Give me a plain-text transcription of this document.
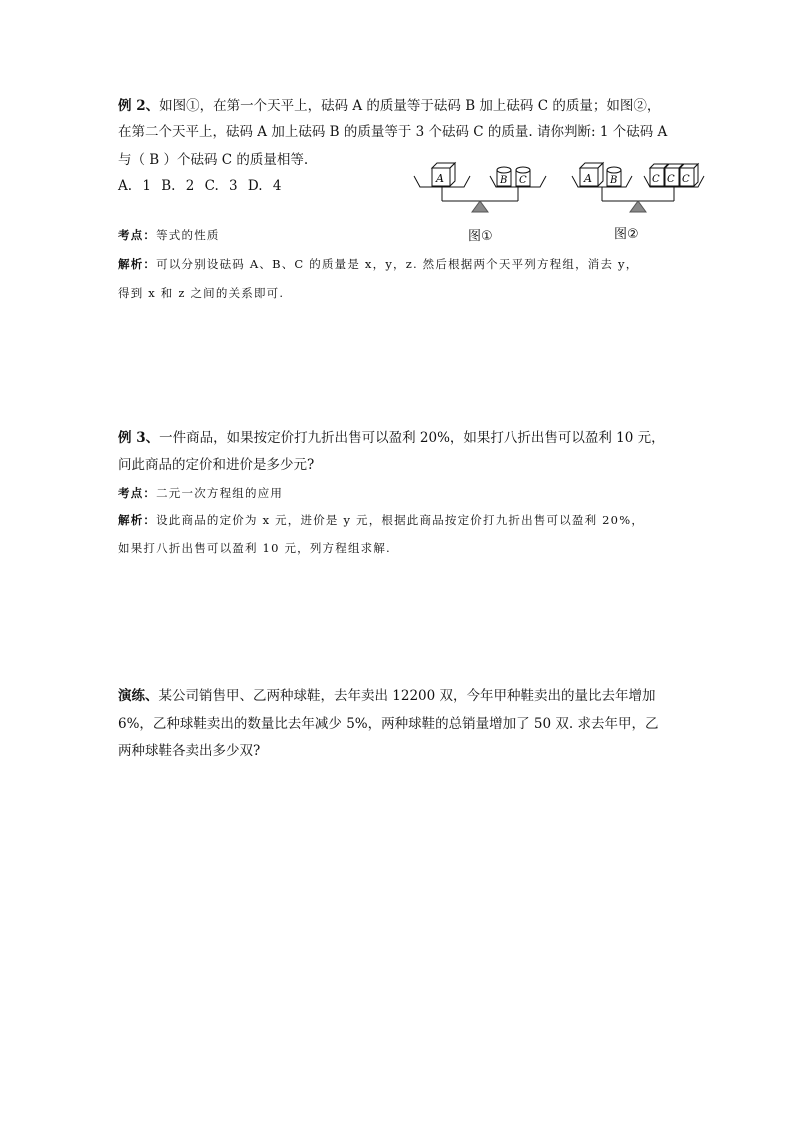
例 2、如图①，在第一个天平上，砝码 A 的质量等于砝码 B 加上砝码 C 的质量；如图②，
在第二个天平上，砝码 A 加上砝码 B 的质量等于 3 个砝码 C 的质量. 请你判断: 1 个砝码 A
与（ B ）个砝码 C 的质量相等.
A. 1 B. 2 C. 3 D. 4
考点：等式的性质
解析：可以分别设砝码 A、B、C 的质量是 x，y，z. 然后根据两个天平列方程组，消去 y，
得到 x 和 z 之间的关系即可.
A	B C
图①
A B	C C C
图②
例 3、一件商品，如果按定价打九折出售可以盈利 20%，如果打八折出售可以盈利 10 元，
问此商品的定价和进价是多少元?
考点：二元一次方程组的应用
解析：设此商品的定价为 x 元，进价是 y 元，根据此商品按定价打九折出售可以盈利 20%，
如果打八折出售可以盈利 10 元，列方程组求解.
演练、某公司销售甲、乙两种球鞋，去年卖出 12200 双，今年甲种鞋卖出的量比去年增加
6%，乙种球鞋卖出的数量比去年减少 5%，两种球鞋的总销量增加了 50 双. 求去年甲，乙
两种球鞋各卖出多少双?
